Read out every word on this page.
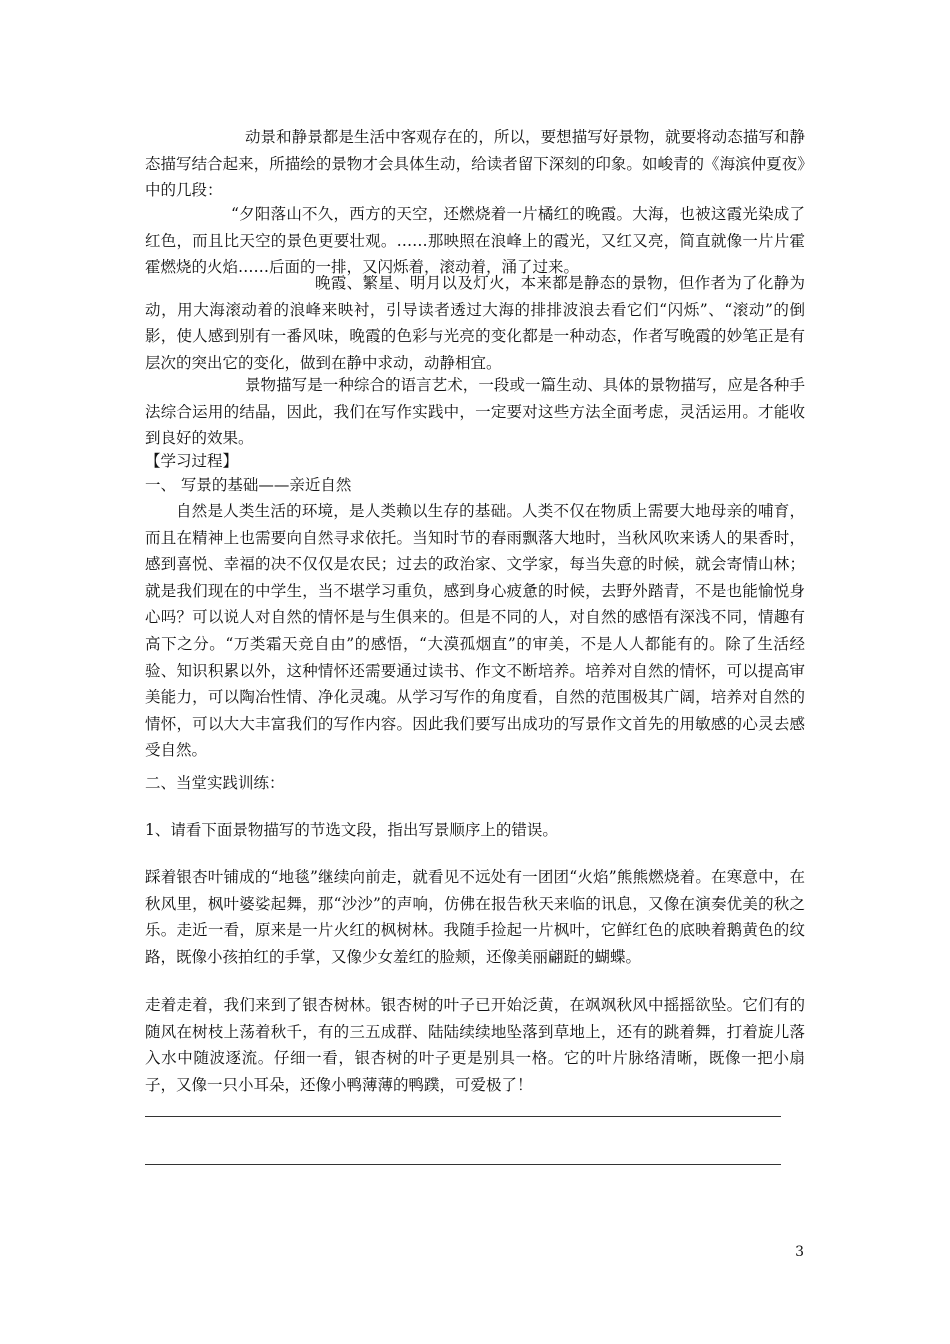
动景和静景都是生活中客观存在的，所以，要想描写好景物，就要将动态描写和静态描写结合起来，所描绘的景物才会具体生动，给读者留下深刻的印象。如峻青的《海滨仲夏夜》中的几段：

“夕阳落山不久，西方的天空，还燃烧着一片橘红的晚霞。大海，也被这霞光染成了红色，而且比天空的景色更要壮观。……那映照在浪峰上的霞光，又红又亮，简直就像一片片霍霍燃烧的火焰……后面的一排，又闪烁着，滚动着，涌了过来。

晚霞、繁星、明月以及灯火，本来都是静态的景物，但作者为了化静为动，用大海滚动着的浪峰来映衬，引导读者透过大海的排排波浪去看它们“闪烁”、“滚动”的倒影，使人感到别有一番风味，晚霞的色彩与光亮的变化都是一种动态，作者写晚霞的妙笔正是有层次的突出它的变化，做到在静中求动，动静相宜。

景物描写是一种综合的语言艺术，一段或一篇生动、具体的景物描写，应是各种手法综合运用的结晶，因此，我们在写作实践中，一定要对这些方法全面考虑，灵活运用。才能收到良好的效果。

【学习过程】

一、 写景的基础——亲近自然

自然是人类生活的环境，是人类赖以生存的基础。人类不仅在物质上需要大地母亲的哺育，而且在精神上也需要向自然寻求依托。当知时节的春雨飘落大地时，当秋风吹来诱人的果香时，感到喜悦、幸福的决不仅仅是农民；过去的政治家、文学家，每当失意的时候，就会寄情山林；就是我们现在的中学生，当不堪学习重负，感到身心疲惫的时候，去野外踏青，不是也能愉悦身心吗？可以说人对自然的情怀是与生俱来的。但是不同的人，对自然的感悟有深浅不同，情趣有高下之分。“万类霜天竞自由”的感悟，“大漠孤烟直”的审美，不是人人都能有的。除了生活经验、知识积累以外，这种情怀还需要通过读书、作文不断培养。培养对自然的情怀，可以提高审美能力，可以陶冶性情、净化灵魂。从学习写作的角度看，自然的范围极其广阔，培养对自然的情怀，可以大大丰富我们的写作内容。因此我们要写出成功的写景作文首先的用敏感的心灵去感受自然。

二、当堂实践训练：

1、请看下面景物描写的节选文段，指出写景顺序上的错误。

踩着银杏叶铺成的“地毯”继续向前走，就看见不远处有一团团“火焰”熊熊燃烧着。在寒意中，在秋风里，枫叶婆娑起舞，那“沙沙”的声响，仿佛在报告秋天来临的讯息，又像在演奏优美的秋之乐。走近一看，原来是一片火红的枫树林。我随手捡起一片枫叶，它鲜红色的底映着鹅黄色的纹路，既像小孩拍红的手掌，又像少女羞红的脸颊，还像美丽翩跹的蝴蝶。

走着走着，我们来到了银杏树林。银杏树的叶子已开始泛黄，在飒飒秋风中摇摇欲坠。它们有的随风在树枝上荡着秋千，有的三五成群、陆陆续续地坠落到草地上，还有的跳着舞，打着旋儿落入水中随波逐流。仔细一看，银杏树的叶子更是别具一格。它的叶片脉络清晰，既像一把小扇子，又像一只小耳朵，还像小鸭薄薄的鸭蹼，可爱极了！

3
